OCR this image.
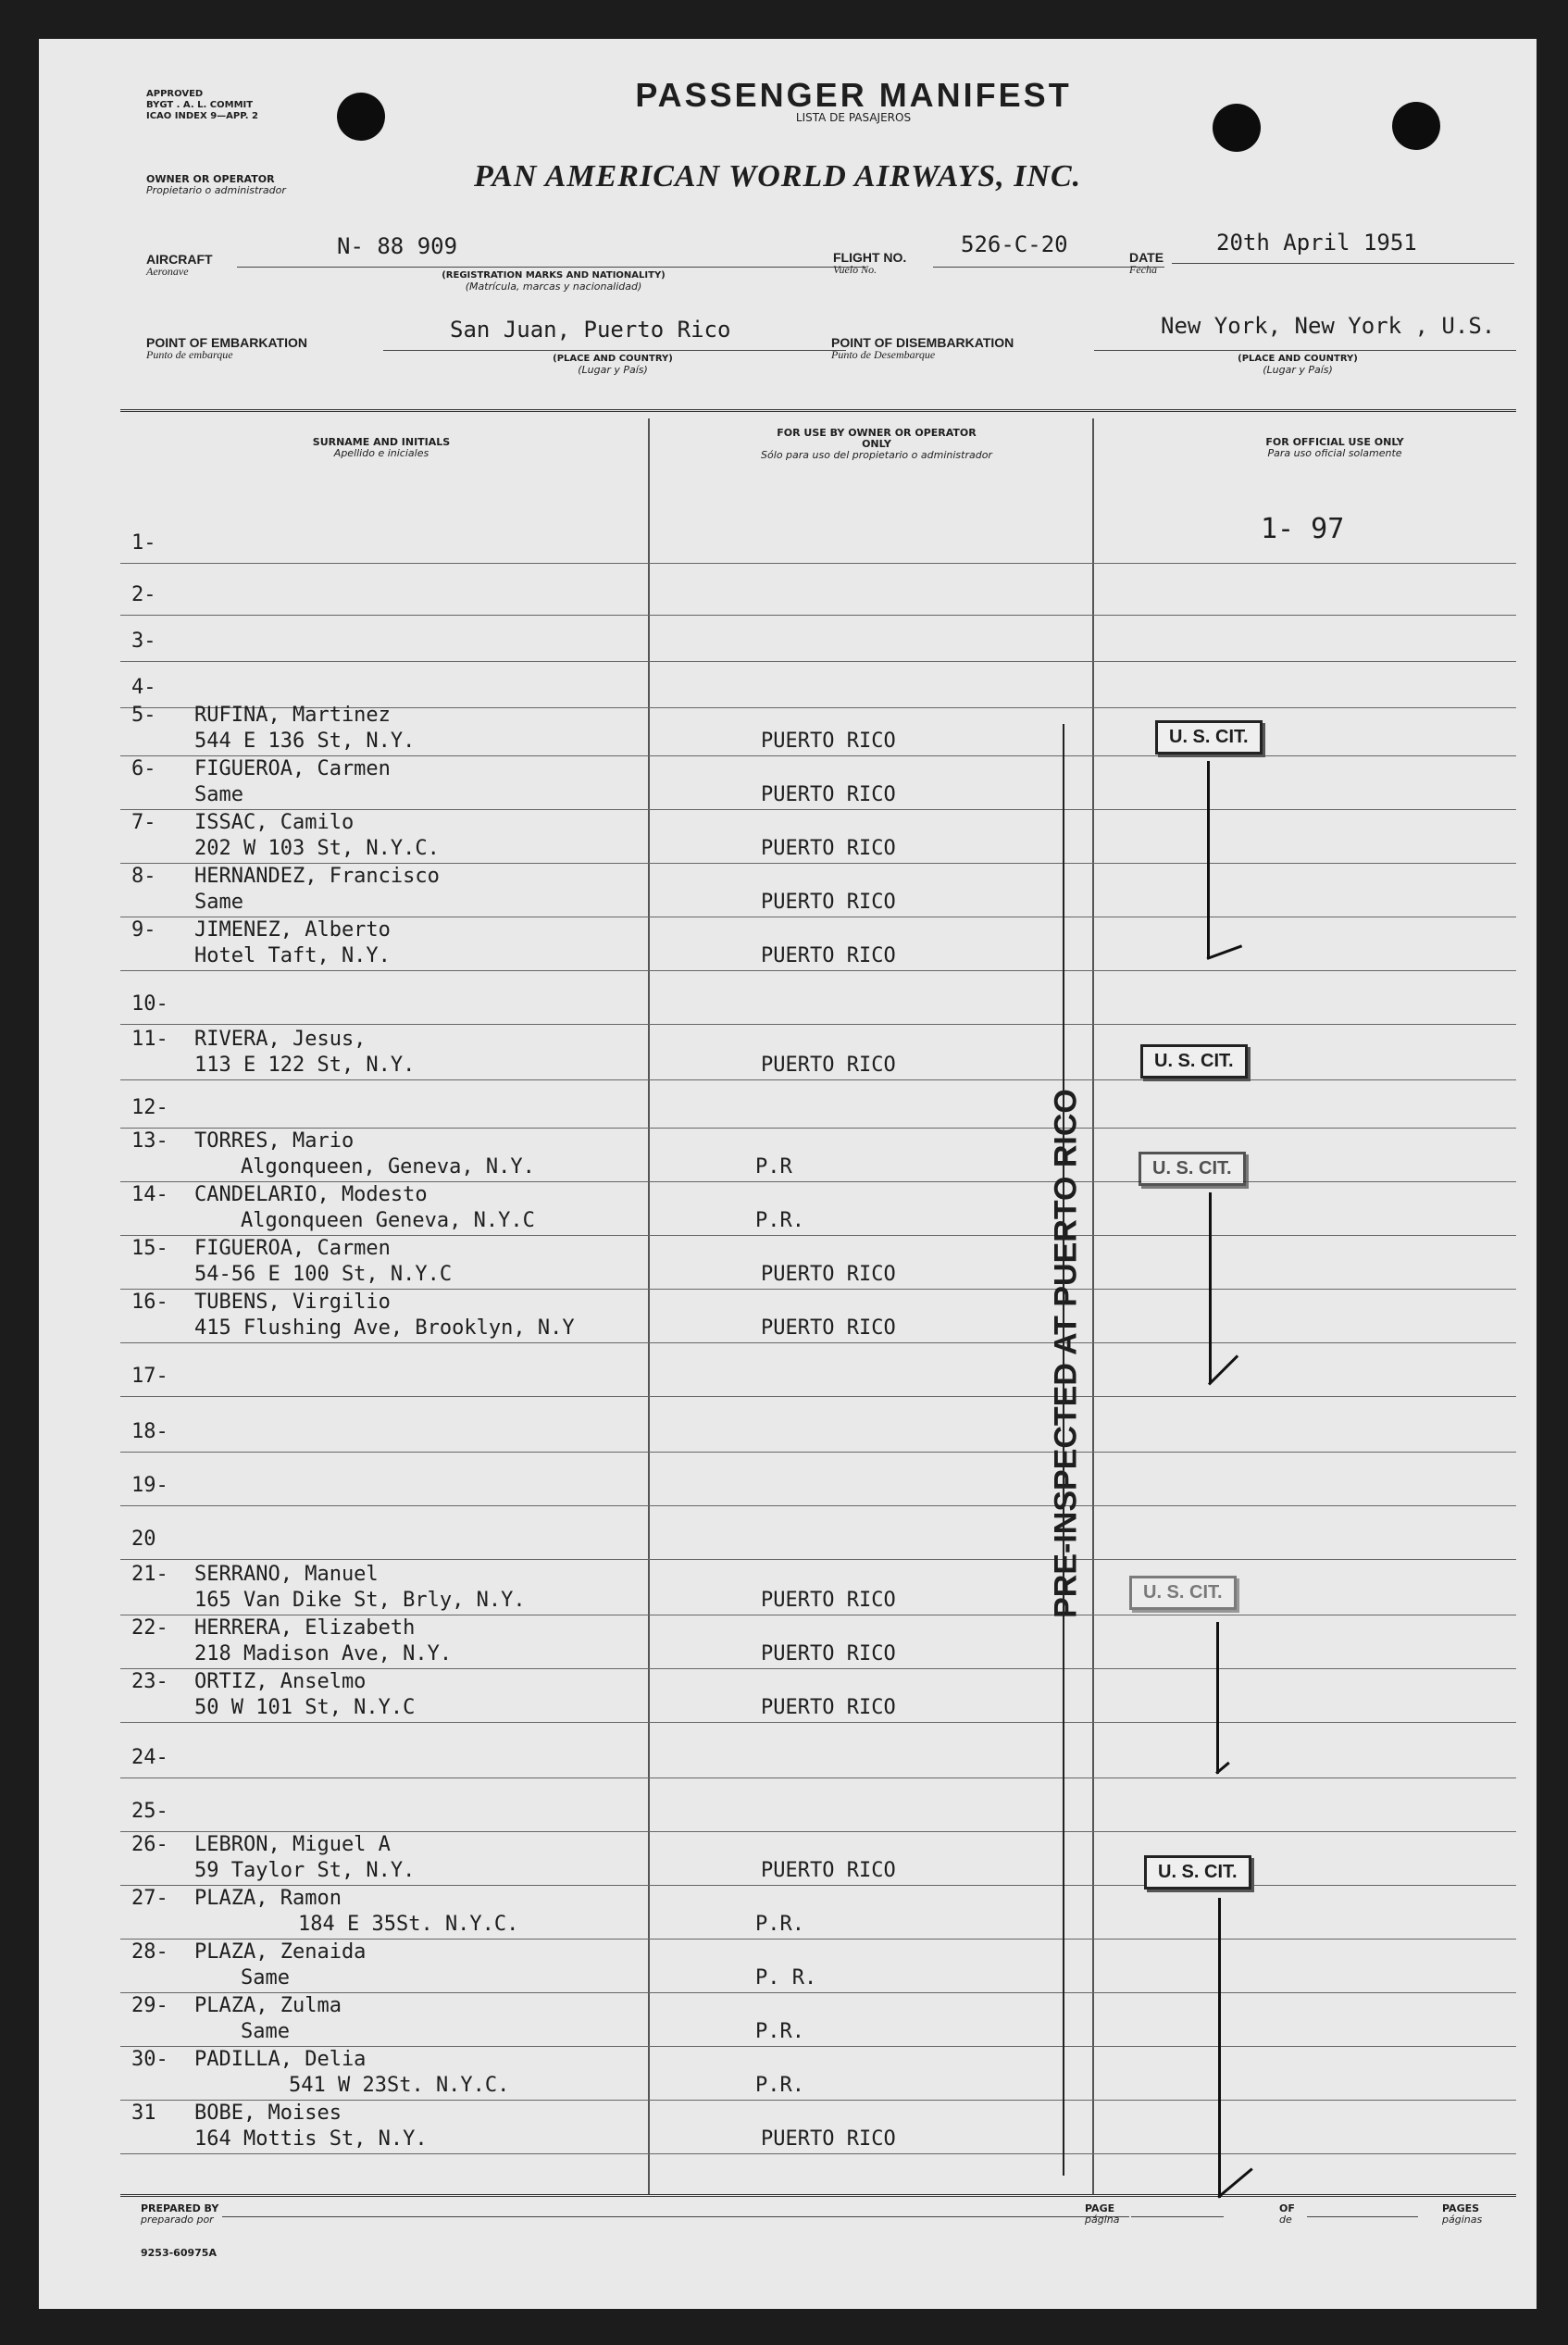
APPROVED
BYGT . A. L. COMMIT
ICAO INDEX 9—APP. 2
PASSENGER MANIFEST
LISTA DE PASAJEROS
OWNER OR OPERATOR
Propietario o administrador	PAN AMERICAN WORLD AIRWAYS, INC.
AIRCRAFT
Aeronave
N- 88 909
(REGISTRATION MARKS AND NATIONALITY)
(Matrícula, marcas y nacionalidad)
FLIGHT NO.
Vuelo No.
526-C-20	DATE
Fecha
20th April 1951
POINT OF EMBARKATION
Punto de embarque
San Juan, Puerto Rico
(PLACE AND COUNTRY)
(Lugar y País)
POINT OF DISEMBARKATION
Punto de Desembarque
New York, New York , U.S.
(PLACE AND COUNTRY)
(Lugar y País)
SURNAME AND INITIALS
Apellido e iniciales
FOR USE BY OWNER OR OPERATOR ONLY
Sólo para uso del propietario o administrador
FOR OFFICIAL USE ONLY
Para uso oficial solamente
1-
2-
3-
4-
5- RUFINA, Martinez
544 E 136 St, N.Y.	PUERTO RICO
6- FIGUEROA, Carmen
Same	PUERTO RICO
7- ISSAC, Camilo
202 W 103 St, N.Y.C.	PUERTO RICO
8- HERNANDEZ, Francisco
Same	PUERTO RICO
9- JIMENEZ, Alberto
Hotel Taft, N.Y.	PUERTO RICO
10-
11- RIVERA, Jesus,
113 E 122 St, N.Y.	PUERTO RICO
12-
13- TORRES, Mario
Algonqueen, Geneva, N.Y.	P.R
14- CANDELARIO, Modesto
Algonqueen Geneva, N.Y.C	P.R.
15- FIGUEROA, Carmen
54-56 E 100 St, N.Y.C	PUERTO RICO
16- TUBENS, Virgilio
415 Flushing Ave, Brooklyn, N.Y	PUERTO RICO
17-
18-
19-
20
21- SERRANO, Manuel
165 Van Dike St, Brly, N.Y.	PUERTO RICO
22- HERRERA, Elizabeth
218 Madison Ave, N.Y.	PUERTO RICO
23- ORTIZ, Anselmo
50 W 101 St, N.Y.C	PUERTO RICO
24-
25-
26- LEBRON, Miguel A
59 Taylor St, N.Y.	PUERTO RICO
27- PLAZA, Ramon
184 E 35St. N.Y.C.	P.R.
28- PLAZA, Zenaida
Same	P. R.
29- PLAZA, Zulma
Same	P.R.
30- PADILLA, Delia
541 W 23St. N.Y.C.	P.R.
31 BOBE, Moises
164 Mottis St, N.Y.	PUERTO RICO
1- 97
PRE-INSPECTED AT PUERTO RICO
U. S. CIT.
U. S. CIT.
U. S. CIT.
U. S. CIT.
U. S. CIT.
PREPARED BY
preparado por
9253-60975A
PAGE
página
OF
de
PAGES
páginas
